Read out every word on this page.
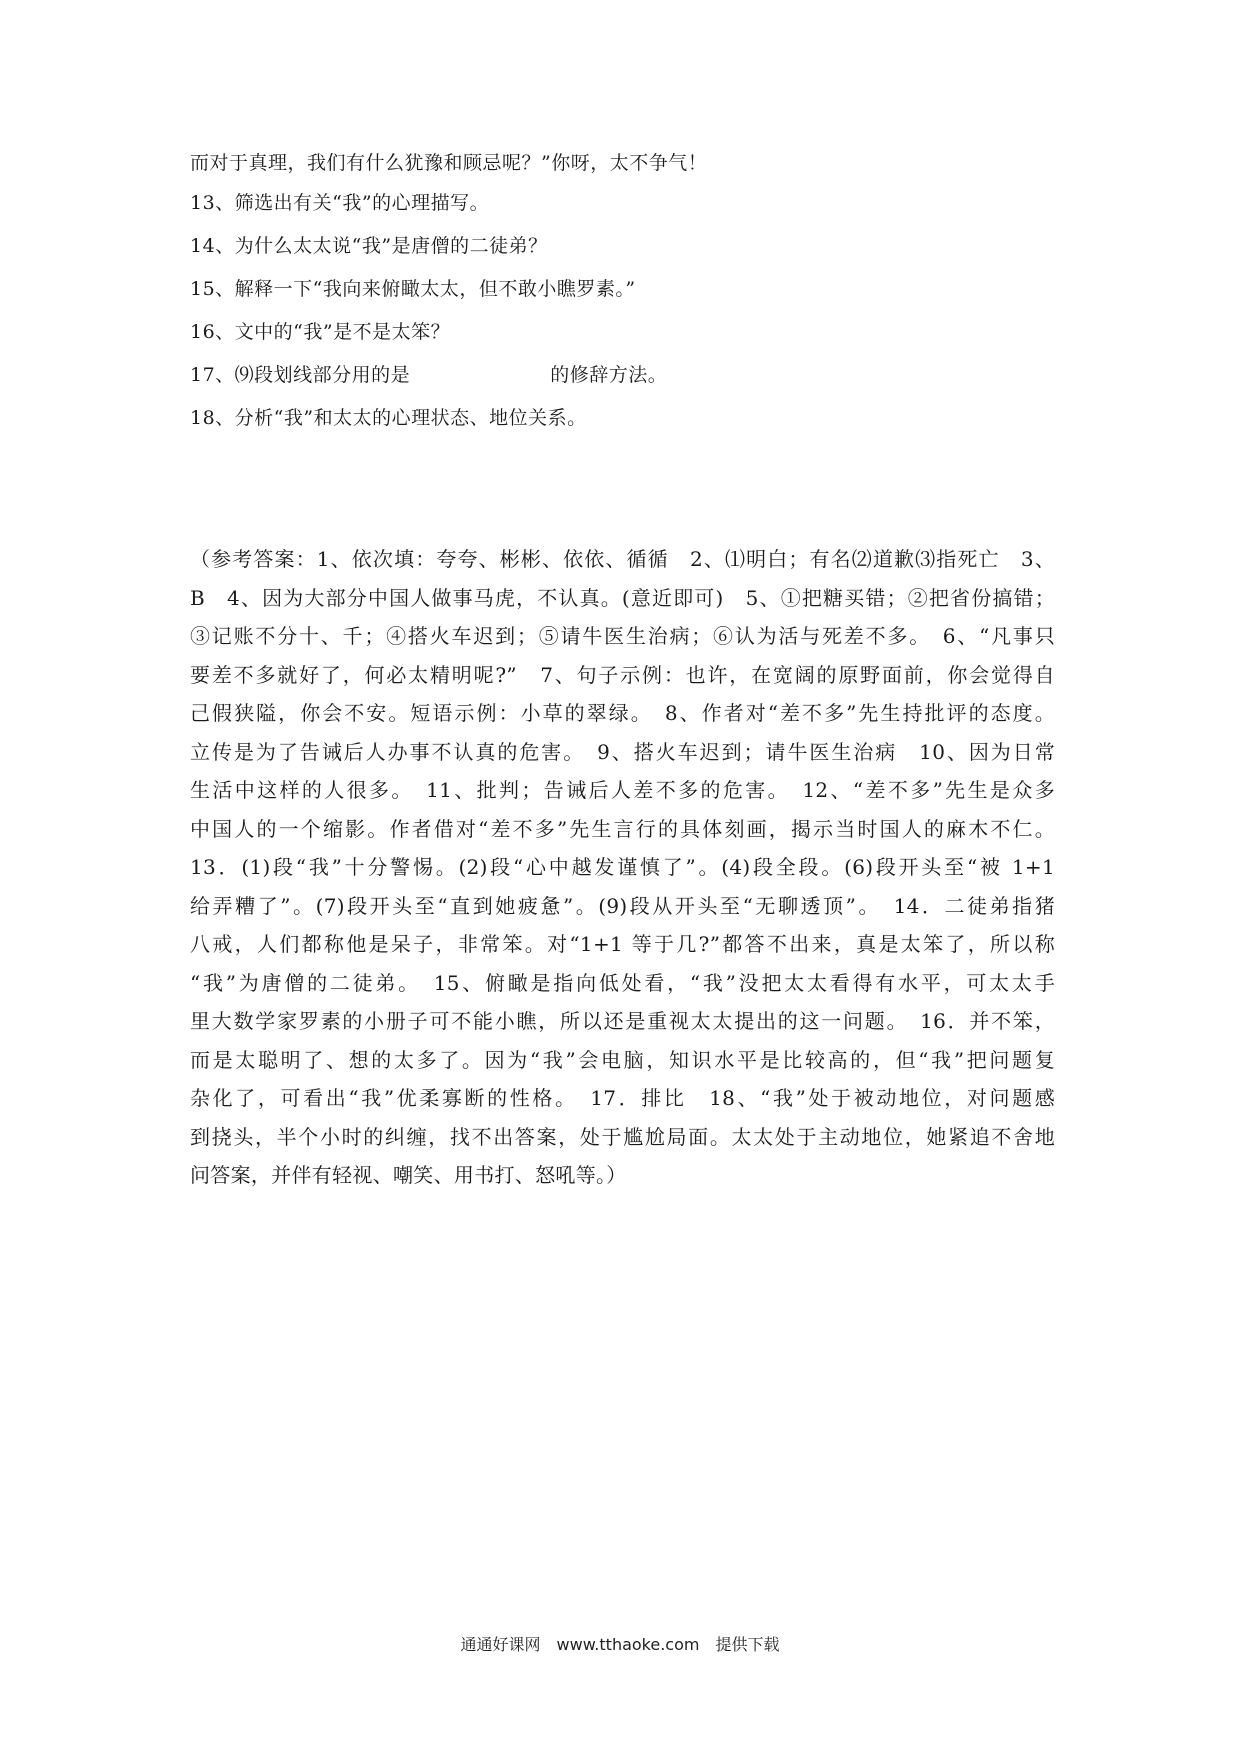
而对于真理，我们有什么犹豫和顾忌呢？”你呀，太不争气！
13、筛选出有关“我”的心理描写。
14、为什么太太说“我”是唐僧的二徒弟？
15、解释一下“我向来俯瞰太太，但不敢小瞧罗素。”
16、文中的“我”是不是太笨？
17、⑼段划线部分用的是	的修辞方法。
18、分析“我”和太太的心理状态、地位关系。
（参考答案：1、依次填：夸夸、彬彬、依依、循循　2、⑴明白；有名⑵道歉⑶指死亡　3、
B　4、因为大部分中国人做事马虎，不认真。(意近即可)　5、①把糖买错；②把省份搞错；
③记账不分十、千；④搭火车迟到；⑤请牛医生治病；⑥认为活与死差不多。　6、“凡事只
要差不多就好了，何必太精明呢?”　7、句子示例：也许，在宽阔的原野面前，你会觉得自
己假狭隘，你会不安。短语示例：小草的翠绿。　8、作者对“差不多”先生持批评的态度。
立传是为了告诫后人办事不认真的危害。　9、搭火车迟到；请牛医生治病　10、因为日常
生活中这样的人很多。　11、批判；告诫后人差不多的危害。　12、“差不多”先生是众多
中国人的一个缩影。作者借对“差不多”先生言行的具体刻画，揭示当时国人的麻木不仁。
13．(1)段“我”十分警惕。(2)段“心中越发谨慎了”。(4)段全段。(6)段开头至“被 1+1
给弄糟了”。(7)段开头至“直到她疲惫”。(9)段从开头至“无聊透顶”。　14．二徒弟指猪
八戒，人们都称他是呆子，非常笨。对“1+1 等于几?”都答不出来，真是太笨了，所以称
“我”为唐僧的二徒弟。　15、俯瞰是指向低处看，“我”没把太太看得有水平，可太太手
里大数学家罗素的小册子可不能小瞧，所以还是重视太太提出的这一问题。　16．并不笨，
而是太聪明了、想的太多了。因为“我”会电脑，知识水平是比较高的，但“我”把问题复
杂化了，可看出“我”优柔寡断的性格。　17．排比　18、“我”处于被动地位，对问题感
到挠头，半个小时的纠缠，找不出答案，处于尴尬局面。太太处于主动地位，她紧追不舍地
问答案，并伴有轻视、嘲笑、用书打、怒吼等。）
通通好课网　www.tthaoke.com　提供下载
